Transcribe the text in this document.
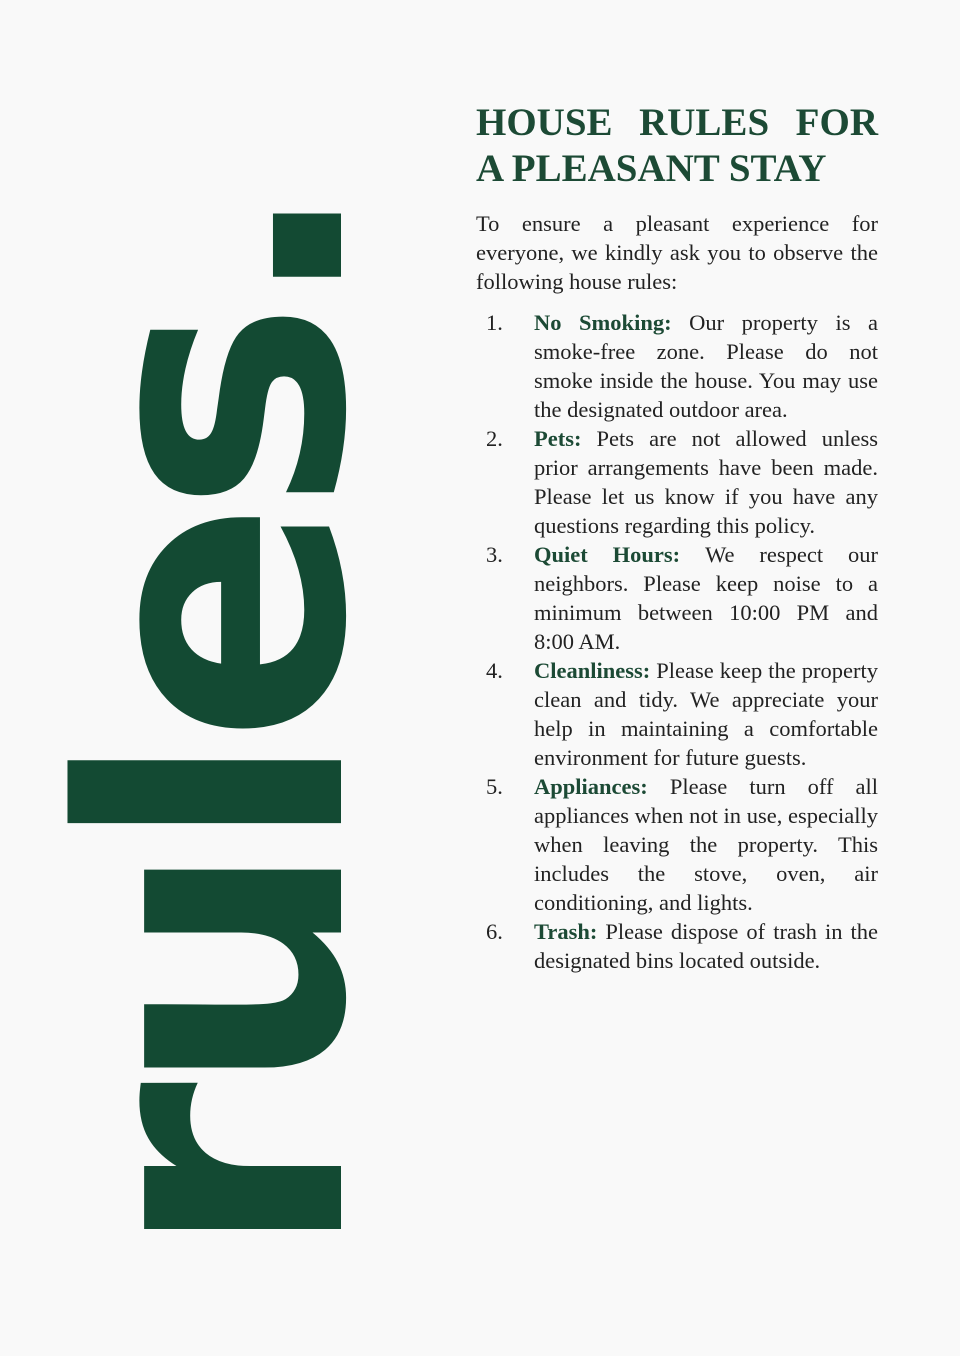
rules.
HOUSE RULES FOR
A PLEASANT STAY

To ensure a pleasant experience for everyone, we kindly ask you to observe the following house rules:

1. No Smoking: Our property is a smoke-free zone. Please do not smoke inside the house. You may use the designated outdoor area.
2. Pets: Pets are not allowed unless prior arrangements have been made. Please let us know if you have any questions regarding this policy.
3. Quiet Hours: We respect our neighbors. Please keep noise to a minimum between 10:00 PM and 8:00 AM.
4. Cleanliness: Please keep the property clean and tidy. We appreciate your help in maintaining a comfortable environment for future guests.
5. Appliances: Please turn off all appliances when not in use, especially when leaving the property. This includes the stove, oven, air conditioning, and lights.
6. Trash: Please dispose of trash in the designated bins located outside.
